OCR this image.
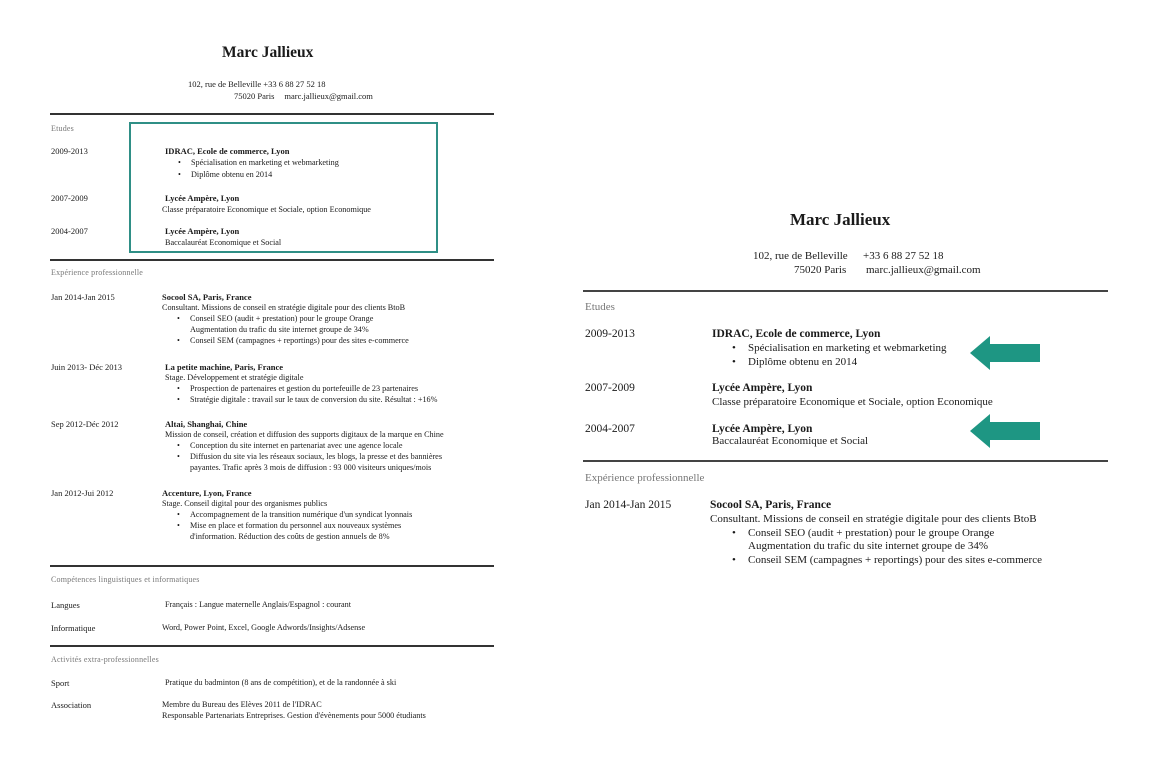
Marc Jallieux
102, rue de Belleville +33 6 88 27 52 18
75020 Paris marc.jallieux@gmail.com
Etudes
2009-2013	IDRAC, Ecole de commerce, Lyon
• Spécialisation en marketing et webmarketing
• Diplôme obtenu en 2014
2007-2009	Lycée Ampère, Lyon
Classe préparatoire Economique et Sociale, option Economique
2004-2007	Lycée Ampère, Lyon
Baccalauréat Economique et Social
Expérience professionnelle
Jan 2014-Jan 2015	Socool SA, Paris, France
Consultant. Missions de conseil en stratégie digitale pour des clients BtoB
• Conseil SEO (audit + prestation) pour le groupe Orange
Augmentation du trafic du site internet groupe de 34%
• Conseil SEM (campagnes + reportings) pour des sites e-commerce
Juin 2013- Déc 2013	La petite machine, Paris, France
Stage. Développement et stratégie digitale
• Prospection de partenaires et gestion du portefeuille de 23 partenaires
• Stratégie digitale : travail sur le taux de conversion du site. Résultat : +16%
Sep 2012-Déc 2012	Altai, Shanghai, Chine
Mission de conseil, création et diffusion des supports digitaux de la marque en Chine
• Conception du site internet en partenariat avec une agence locale
• Diffusion du site via les réseaux sociaux, les blogs, la presse et des bannières
payantes. Trafic après 3 mois de diffusion : 93 000 visiteurs uniques/mois
Jan 2012-Jui 2012	Accenture, Lyon, France
Stage. Conseil digital pour des organismes publics
• Accompagnement de la transition numérique d'un syndicat lyonnais
• Mise en place et formation du personnel aux nouveaux systèmes
d'information. Réduction des coûts de gestion annuels de 8%
Compétences linguistiques et informatiques
Langues	Français : Langue maternelle Anglais/Espagnol : courant
Informatique	Word, Power Point, Excel, Google Adwords/Insights/Adsense
Activités extra-professionnelles
Sport	Pratique du badminton (8 ans de compétition), et de la randonnée à ski
Association	Membre du Bureau des Elèves 2011 de l'IDRAC
Responsable Partenariats Entreprises. Gestion d'évènements pour 5000 étudiants
Marc Jallieux
102, rue de Belleville +33 6 88 27 52 18
75020 Paris marc.jallieux@gmail.com
Etudes
2009-2013	IDRAC, Ecole de commerce, Lyon
• Spécialisation en marketing et webmarketing
• Diplôme obtenu en 2014
2007-2009	Lycée Ampère, Lyon
Classe préparatoire Economique et Sociale, option Economique
2004-2007	Lycée Ampère, Lyon
Baccalauréat Economique et Social
Expérience professionnelle
Jan 2014-Jan 2015	Socool SA, Paris, France
Consultant. Missions de conseil en stratégie digitale pour des clients BtoB
• Conseil SEO (audit + prestation) pour le groupe Orange
Augmentation du trafic du site internet groupe de 34%
• Conseil SEM (campagnes + reportings) pour des sites e-commerce
